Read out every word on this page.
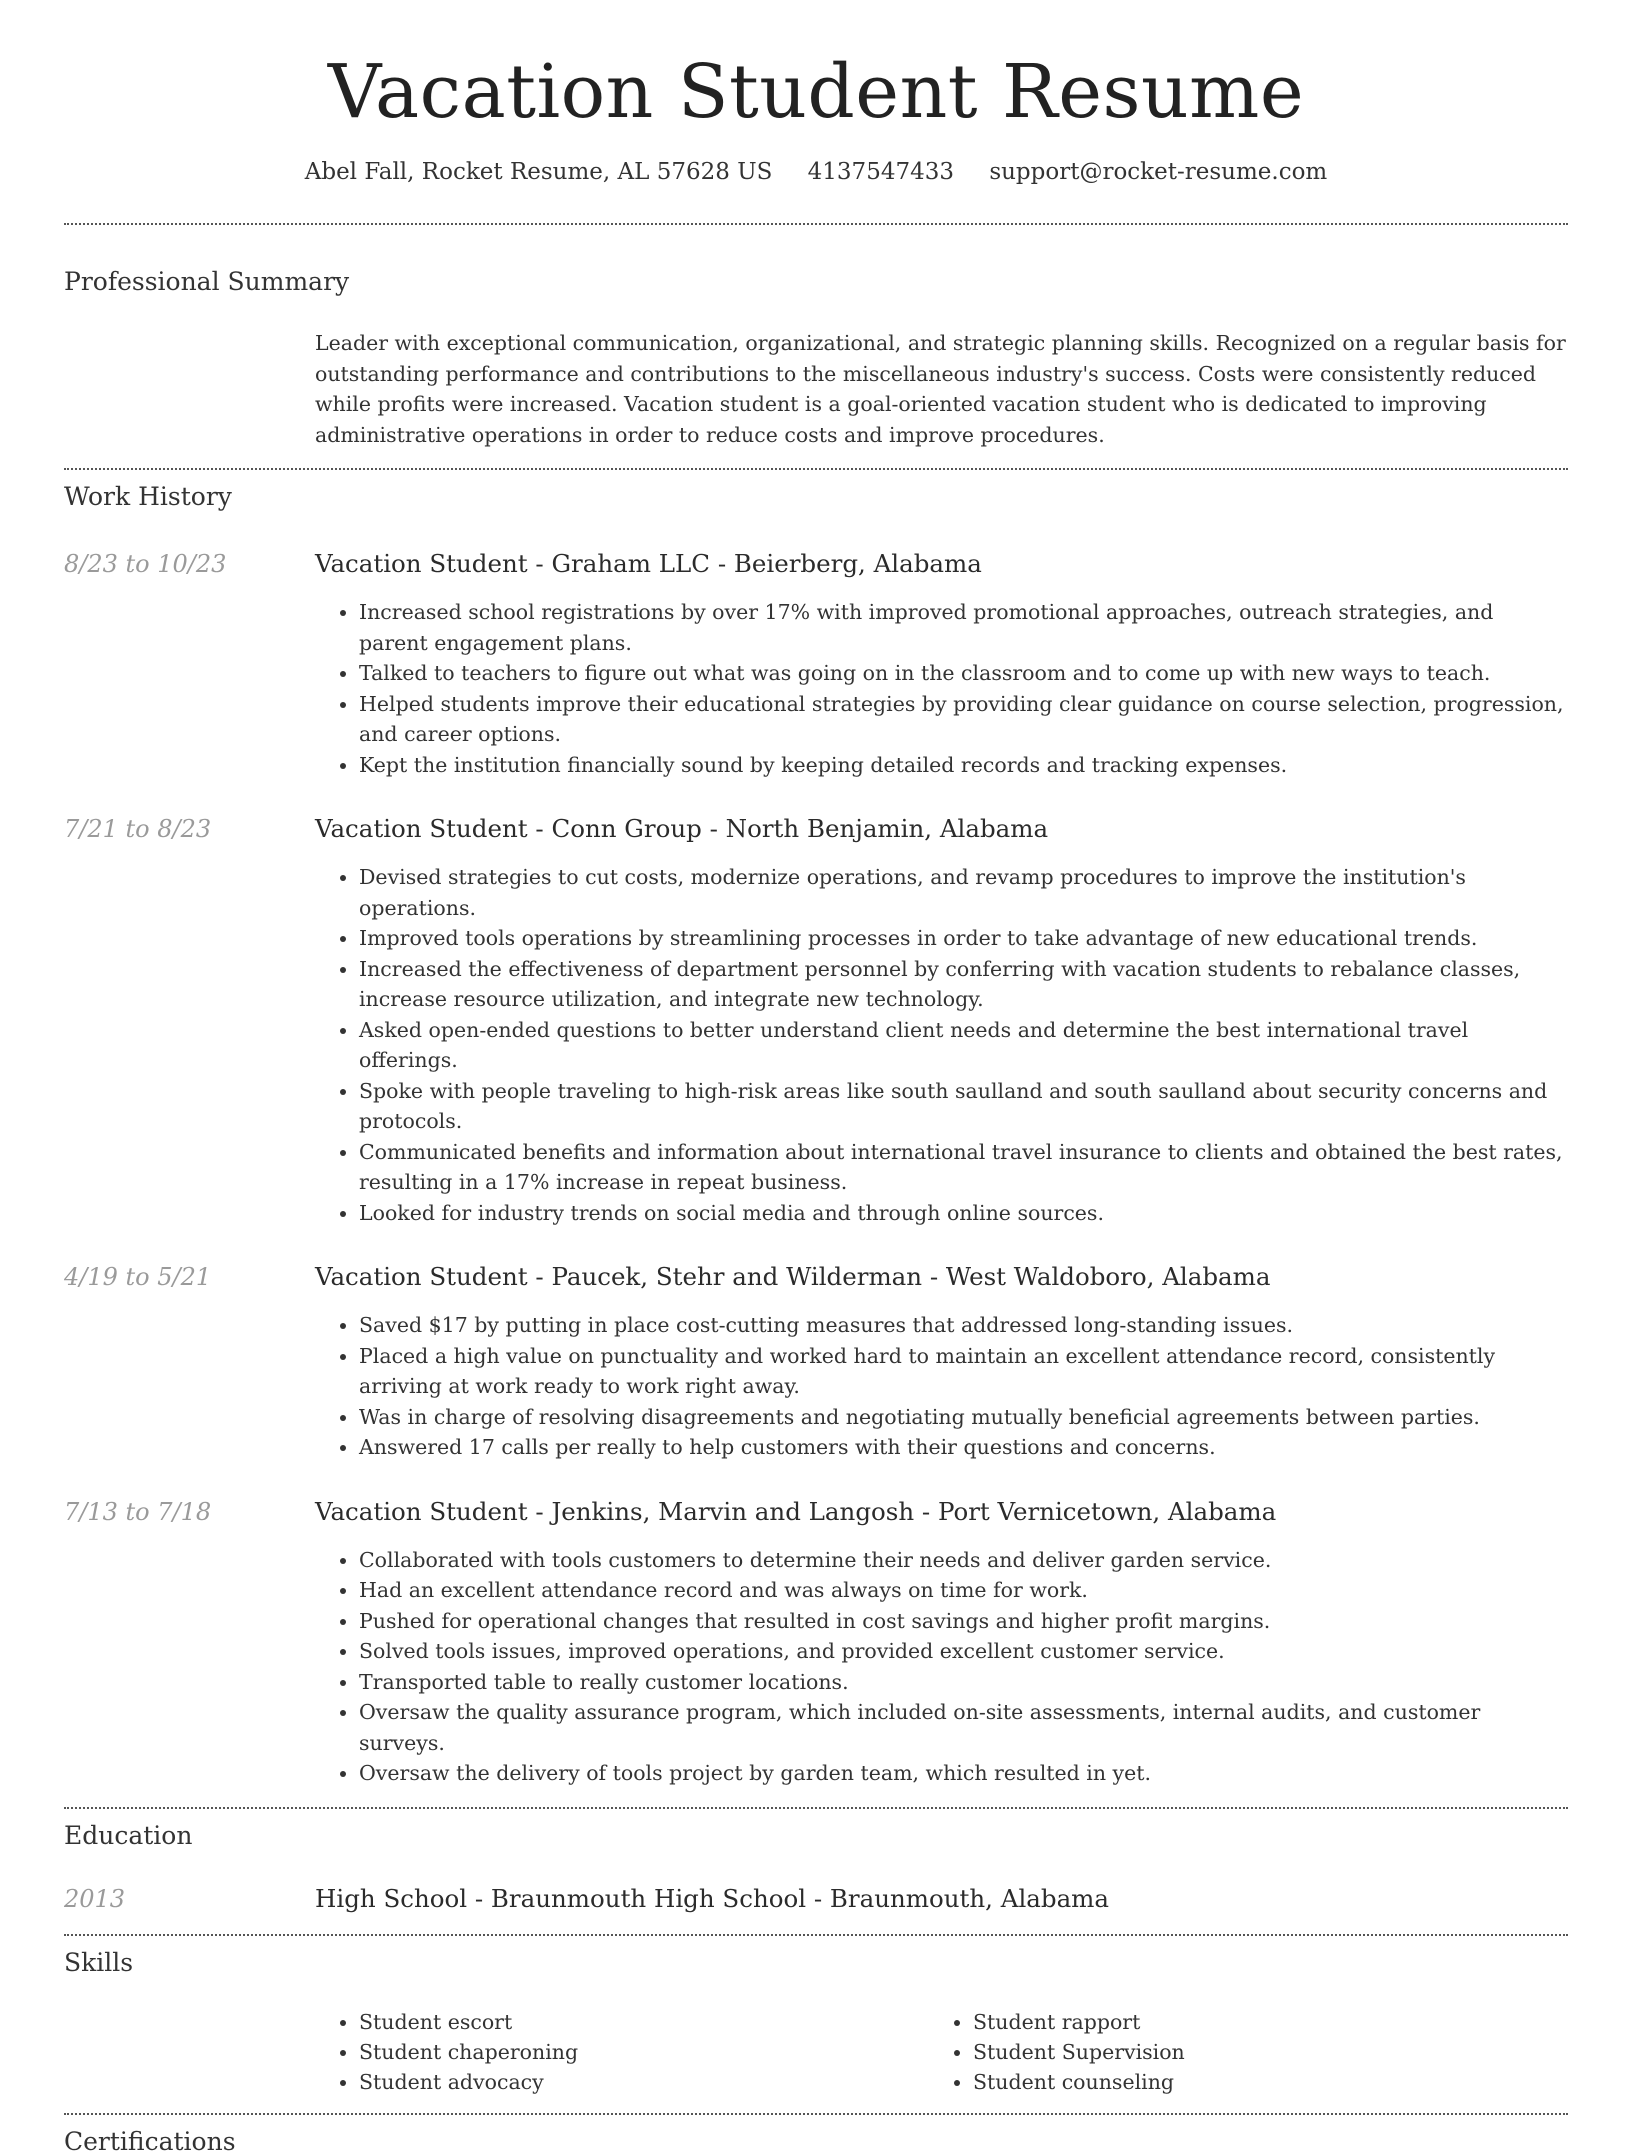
Vacation Student Resume
Abel Fall, Rocket Resume, AL 57628 US 4137547433 support@rocket-resume.com
Professional Summary
Leader with exceptional communication, organizational, and strategic planning skills. Recognized on a regular basis for outstanding performance and contributions to the miscellaneous industry's success. Costs were consistently reduced while profits were increased. Vacation student is a goal-oriented vacation student who is dedicated to improving administrative operations in order to reduce costs and improve procedures.
Work History
8/23 to 10/23	Vacation Student - Graham LLC - Beierberg, Alabama
• Increased school registrations by over 17% with improved promotional approaches, outreach strategies, and parent engagement plans.
• Talked to teachers to figure out what was going on in the classroom and to come up with new ways to teach.
• Helped students improve their educational strategies by providing clear guidance on course selection, progression, and career options.
• Kept the institution financially sound by keeping detailed records and tracking expenses.
7/21 to 8/23	Vacation Student - Conn Group - North Benjamin, Alabama
• Devised strategies to cut costs, modernize operations, and revamp procedures to improve the institution's operations.
• Improved tools operations by streamlining processes in order to take advantage of new educational trends.
• Increased the effectiveness of department personnel by conferring with vacation students to rebalance classes, increase resource utilization, and integrate new technology.
• Asked open-ended questions to better understand client needs and determine the best international travel offerings.
• Spoke with people traveling to high-risk areas like south saulland and south saulland about security concerns and protocols.
• Communicated benefits and information about international travel insurance to clients and obtained the best rates, resulting in a 17% increase in repeat business.
• Looked for industry trends on social media and through online sources.
4/19 to 5/21	Vacation Student - Paucek, Stehr and Wilderman - West Waldoboro, Alabama
• Saved $17 by putting in place cost-cutting measures that addressed long-standing issues.
• Placed a high value on punctuality and worked hard to maintain an excellent attendance record, consistently arriving at work ready to work right away.
• Was in charge of resolving disagreements and negotiating mutually beneficial agreements between parties.
• Answered 17 calls per really to help customers with their questions and concerns.
7/13 to 7/18	Vacation Student - Jenkins, Marvin and Langosh - Port Vernicetown, Alabama
• Collaborated with tools customers to determine their needs and deliver garden service.
• Had an excellent attendance record and was always on time for work.
• Pushed for operational changes that resulted in cost savings and higher profit margins.
• Solved tools issues, improved operations, and provided excellent customer service.
• Transported table to really customer locations.
• Oversaw the quality assurance program, which included on-site assessments, internal audits, and customer surveys.
• Oversaw the delivery of tools project by garden team, which resulted in yet.
Education
2013	High School - Braunmouth High School - Braunmouth, Alabama
Skills
• Student escort
• Student chaperoning
• Student advocacy
• Student rapport
• Student Supervision
• Student counseling
Certifications
